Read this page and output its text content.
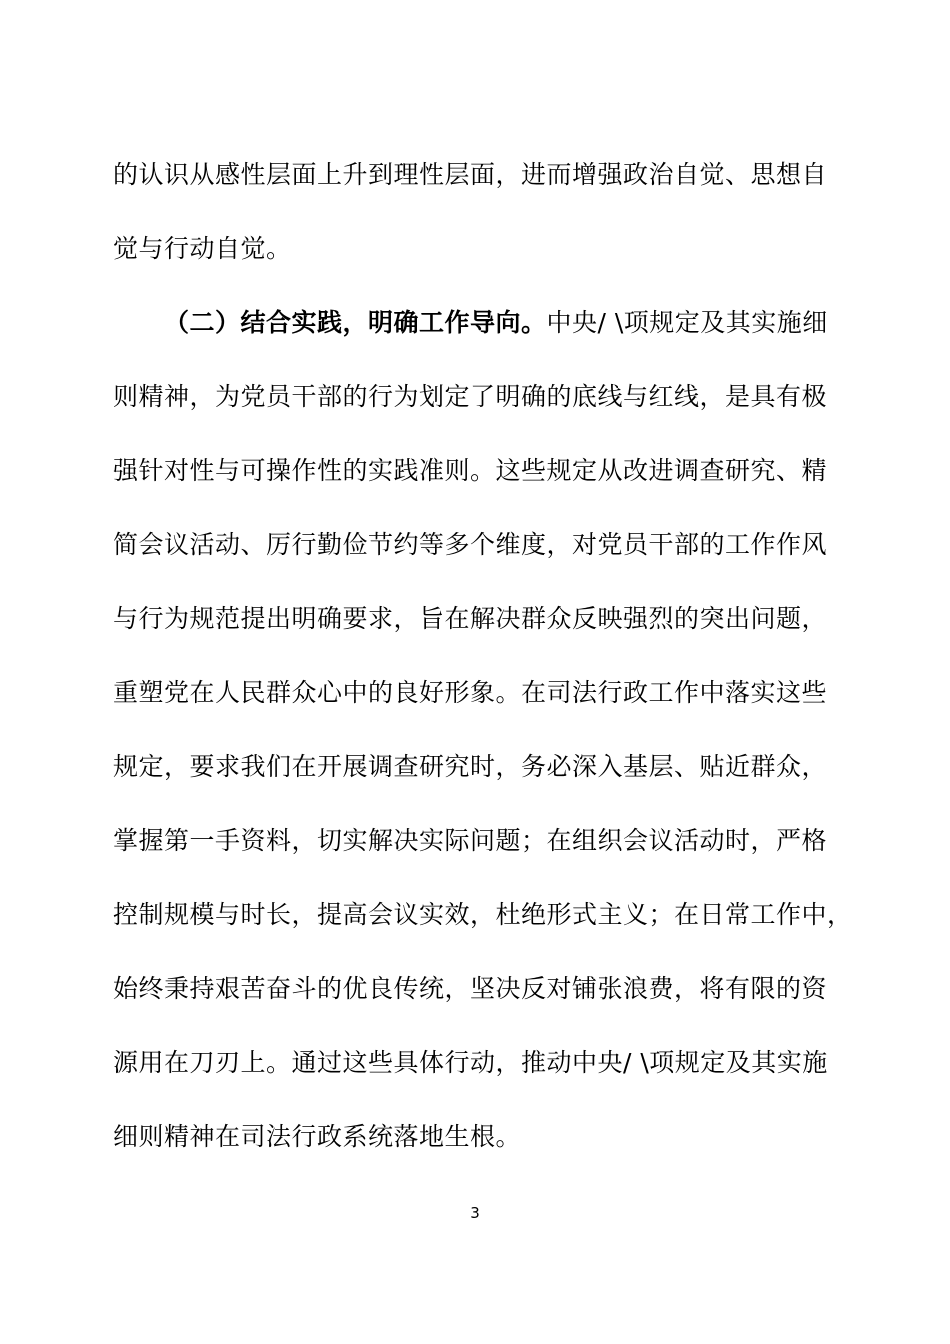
的认识从感性层面上升到理性层面，进而增强政治自觉、思想自
觉与行动自觉。
（二）结合实践，明确工作导向。中央/ \项规定及其实施细
则精神，为党员干部的行为划定了明确的底线与红线，是具有极
强针对性与可操作性的实践准则。这些规定从改进调查研究、精
简会议活动、厉行勤俭节约等多个维度，对党员干部的工作作风
与行为规范提出明确要求，旨在解决群众反映强烈的突出问题，
重塑党在人民群众心中的良好形象。在司法行政工作中落实这些
规定，要求我们在开展调查研究时，务必深入基层、贴近群众，
掌握第一手资料，切实解决实际问题；在组织会议活动时，严格
控制规模与时长，提高会议实效，杜绝形式主义；在日常工作中，
始终秉持艰苦奋斗的优良传统，坚决反对铺张浪费，将有限的资
源用在刀刃上。通过这些具体行动，推动中央/ \项规定及其实施
细则精神在司法行政系统落地生根。
3
